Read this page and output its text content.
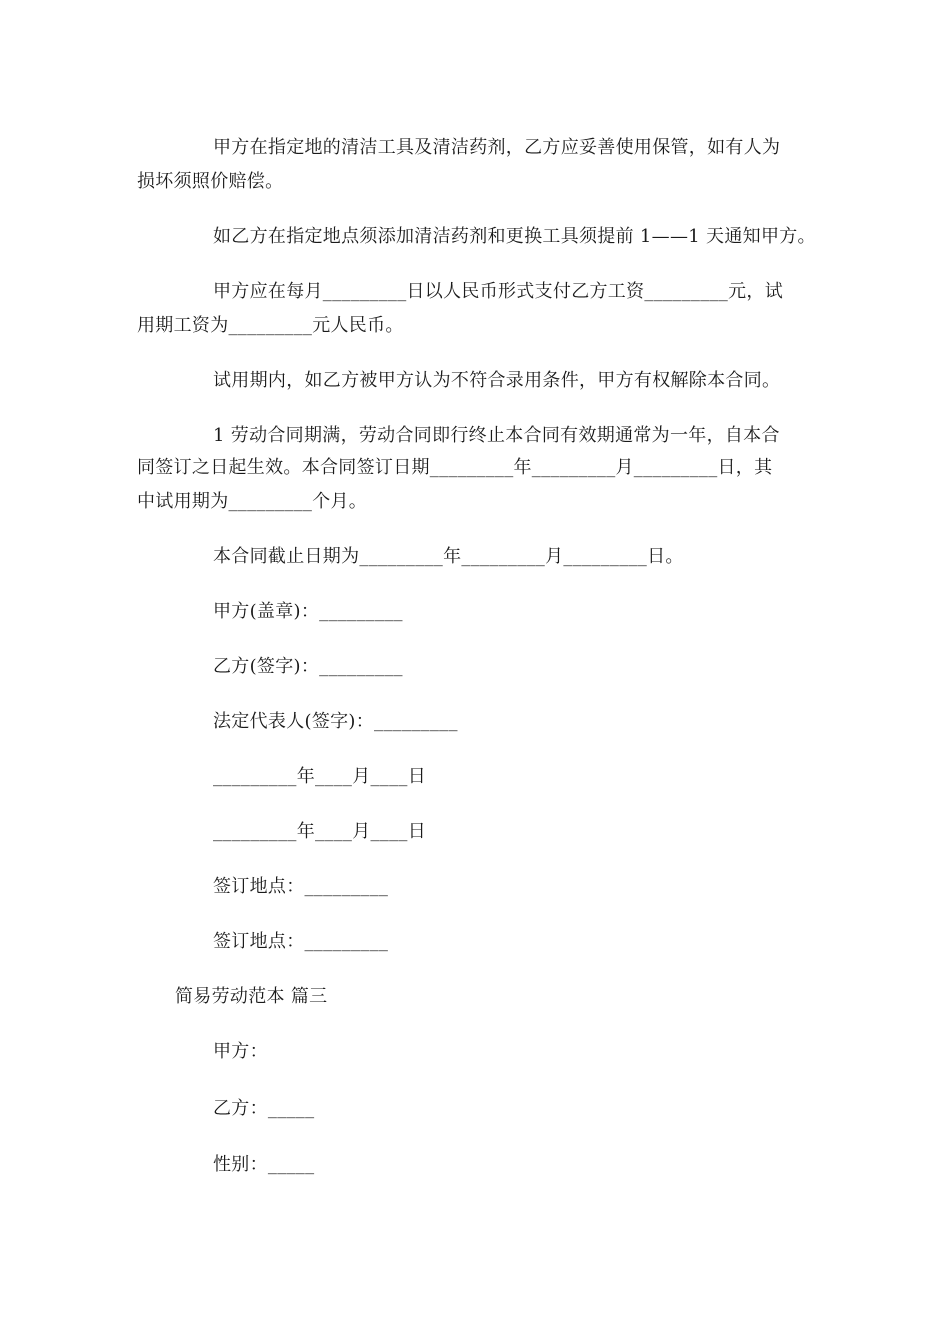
甲方在指定地的清洁工具及清洁药剂，乙方应妥善使用保管，如有人为
损坏须照价赔偿。
如乙方在指定地点须添加清洁药剂和更换工具须提前 1——1 天通知甲方。
甲方应在每月_________日以人民币形式支付乙方工资_________元，试
用期工资为_________元人民币。
试用期内，如乙方被甲方认为不符合录用条件，甲方有权解除本合同。
1 劳动合同期满，劳动合同即行终止本合同有效期通常为一年，自本合
同签订之日起生效。本合同签订日期_________年_________月_________日，其
中试用期为_________个月。
本合同截止日期为_________年_________月_________日。
甲方(盖章)：_________
乙方(签字)：_________
法定代表人(签字)：_________
_________年____月____日
_________年____月____日
签订地点：_________
签订地点：_________
简易劳动范本 篇三
甲方：
乙方：_____
性别：_____
